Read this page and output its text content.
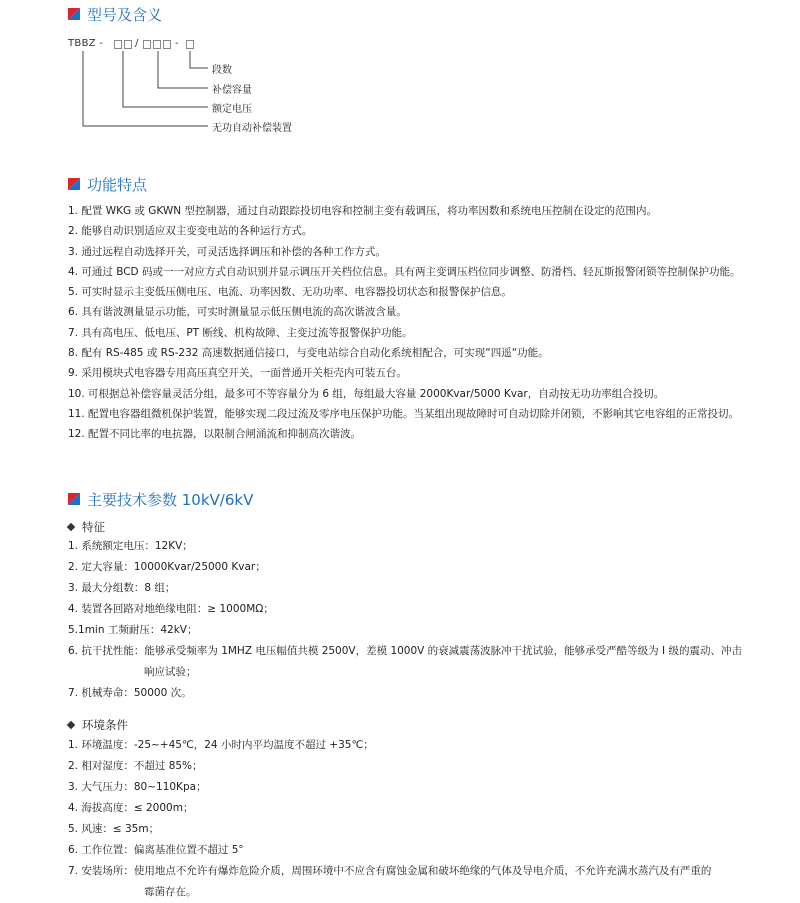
型号及含义
TBBZ -	/	-
段数
补偿容量
额定电压
无功自动补偿装置
功能特点
1. 配置 WKG 或 GKWN 型控制器，通过自动跟踪投切电容和控制主变有载调压，将功率因数和系统电压控制在设定的范围内。
2. 能够自动识别适应双主变变电站的各种运行方式。
3. 通过远程自动选择开关，可灵活选择调压和补偿的各种工作方式。
4. 可通过 BCD 码或一一对应方式自动识别并显示调压开关档位信息。具有两主变调压档位同步调整、防滑档、轻瓦斯报警闭锁等控制保护功能。
5. 可实时显示主变低压侧电压、电流、功率因数、无功功率、电容器投切状态和报警保护信息。
6. 具有谐波测量显示功能，可实时测量显示低压侧电流的高次谐波含量。
7. 具有高电压、低电压、PT 断线、机构故障、主变过流等报警保护功能。
8. 配有 RS-485 或 RS-232 高速数据通信接口，与变电站综合自动化系统相配合，可实现“四遥“功能。
9. 采用模块式电容器专用高压真空开关，一面普通开关柜壳内可装五台。
10. 可根据总补偿容量灵活分组，最多可不等容量分为 6 组，每组最大容量 2000Kvar/5000 Kvar，自动按无功功率组合投切。
11. 配置电容器组微机保护装置，能够实现二段过流及零序电压保护功能。当某组出现故障时可自动切除并闭锁，不影响其它电容组的正常投切。
12. 配置不同比率的电抗器，以限制合闸涌流和抑制高次谐波。
主要技术参数 10kV/6kV
特征
1. 系统额定电压：12KV；
2. 定大容量：10000Kvar/25000 Kvar；
3. 最大分组数：8 组；
4. 装置各回路对地绝缘电阻：≥ 1000MΩ；
5.1min 工频耐压：42kV；
6. 抗干扰性能：能够承受频率为 1MHZ 电压幅值共模 2500V，差模 1000V 的衰减震荡波脉冲干扰试验，能够承受严酷等级为 I 级的震动、冲击
响应试验；
7. 机械寿命：50000 次。
环境条件
1. 环境温度：-25~+45℃，24 小时内平均温度不超过 +35℃；
2. 相对湿度：不超过 85%；
3. 大气压力：80~110Kpa；
4. 海拔高度：≤ 2000m；
5. 风速：≤ 35m；
6. 工作位置：偏离基准位置不超过 5°
7. 安装场所：使用地点不允许有爆炸危险介质，周围环境中不应含有腐蚀金属和破坏绝缘的气体及导电介质，不允许充满水蒸汽及有严重的
霉菌存在。
